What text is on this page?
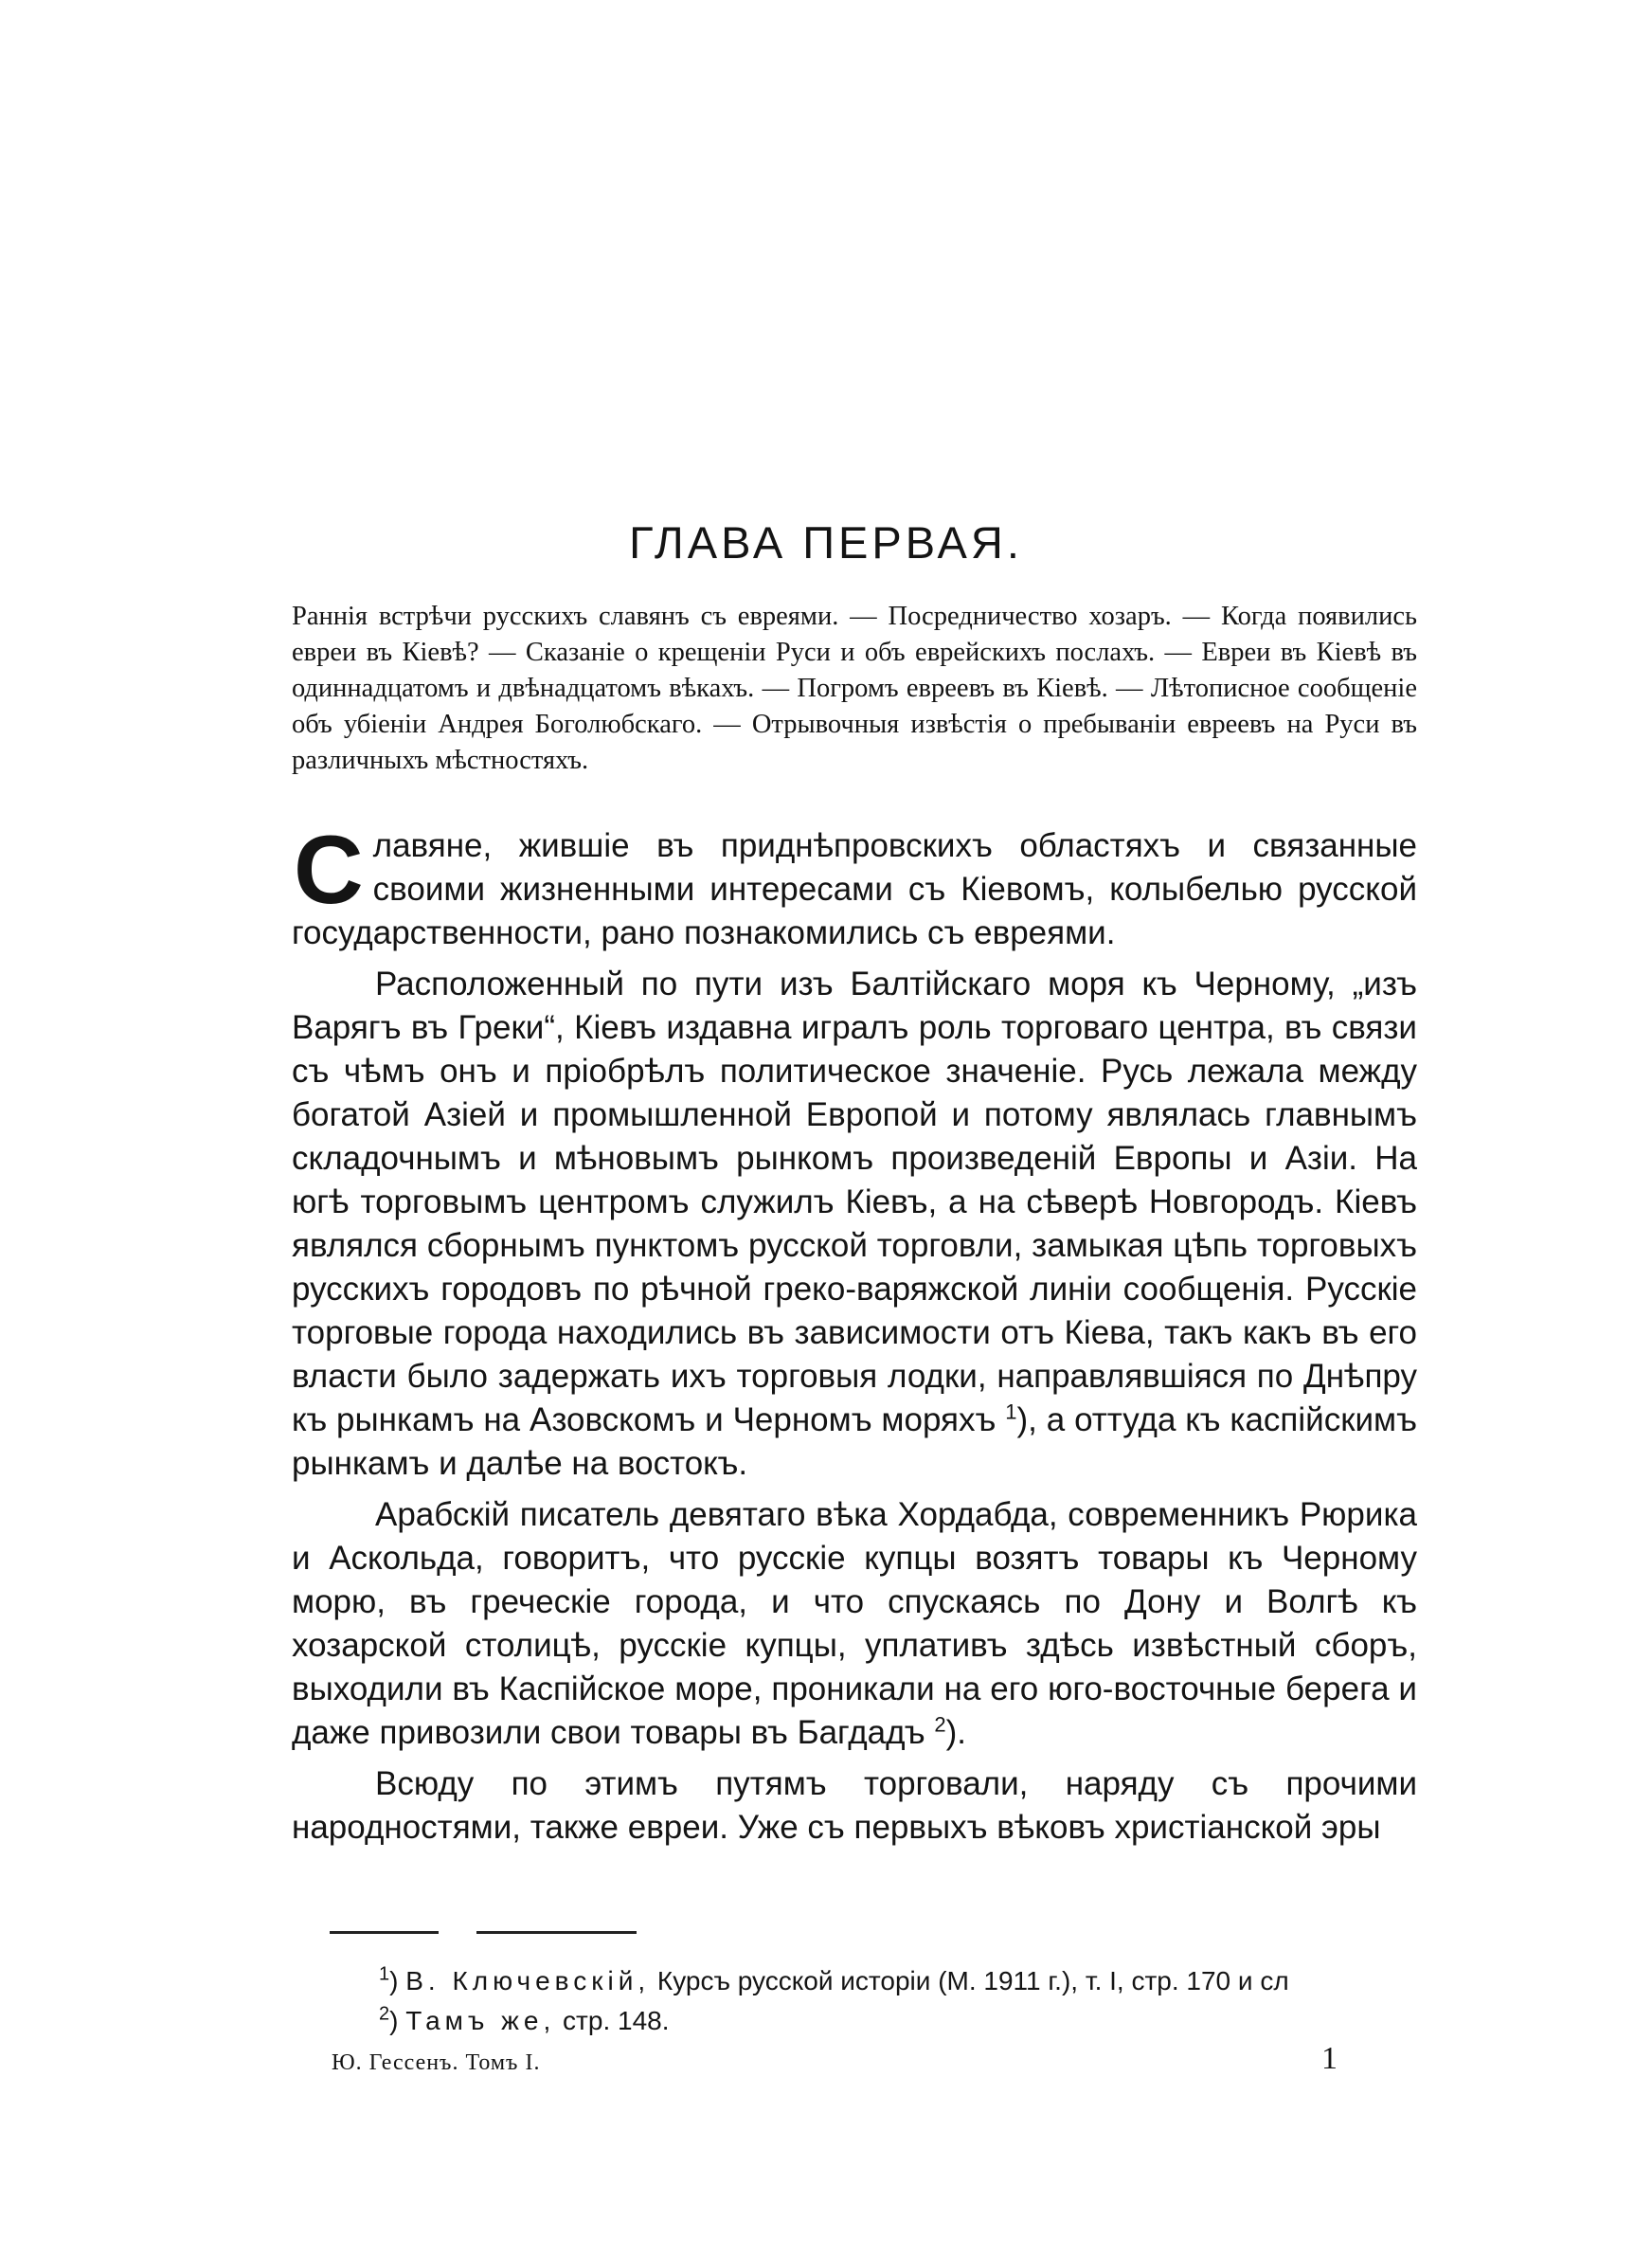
ГЛАВА ПЕРВАЯ.

Раннія встрѣчи русскихъ славянъ съ евреями. — Посредничество хозаръ. — Когда появились евреи въ Кіевѣ? — Сказаніе о крещеніи Руси и объ еврейскихъ послахъ. — Евреи въ Кіевѣ въ одиннадцатомъ и двѣнадцатомъ вѣкахъ. — Погромъ евреевъ въ Кіевѣ. — Лѣтописное сообщеніе объ убіеніи Андрея Боголюбскаго. — Отрывочныя извѣстія о пребываніи евреевъ на Руси въ различныхъ мѣстностяхъ.

Славяне, жившіе въ приднѣпровскихъ областяхъ и связанные своими жизненными интересами съ Кіевомъ, колыбелью русской государственности, рано познакомились съ евреями.

Расположенный по пути изъ Балтійскаго моря къ Черному, „изъ Варягъ въ Греки“, Кіевъ издавна игралъ роль торговаго центра, въ связи съ чѣмъ онъ и пріобрѣлъ политическое значеніе. Русь лежала между богатой Азіей и промышленной Европой и потому являлась главнымъ складочнымъ и мѣновымъ рынкомъ произведеній Европы и Азіи. На югѣ торговымъ центромъ служилъ Кіевъ, а на сѣверѣ Новгородъ. Кіевъ являлся сборнымъ пунктомъ русской торговли, замыкая цѣпь торговыхъ русскихъ городовъ по рѣчной греко-варяжской линіи сообщенія. Русскіе торговые города находились въ зависимости отъ Кіева, такъ какъ въ его власти было задержать ихъ торговыя лодки, направлявшіяся по Днѣпру къ рынкамъ на Азовскомъ и Черномъ моряхъ $^1$), а оттуда къ каспійскимъ рынкамъ и далѣе на востокъ.

Арабскій писатель девятаго вѣка Хордабда, современникъ Рюрика и Аскольда, говоритъ, что русскіе купцы возятъ товары къ Черному морю, въ греческіе города, и что спускаясь по Дону и Волгѣ къ хозарской столицѣ, русскіе купцы, уплативъ здѣсь извѣстный сборъ, выходили въ Каспійское море, проникали на его юго-восточные берега и даже привозили свои товары въ Багдадъ $^2$).

Всюду по этимъ путямъ торговали, наряду съ прочими народностями, также евреи. Уже съ первыхъ вѣковъ христіанской эры

$^1$) В. Ключевскій, Курсъ русской исторіи (М. 1911 г.), т. I, стр. 170 и сл

$^2$) Тамъ же, стр. 148.

Ю. Гессенъ. Томъ I.	1
